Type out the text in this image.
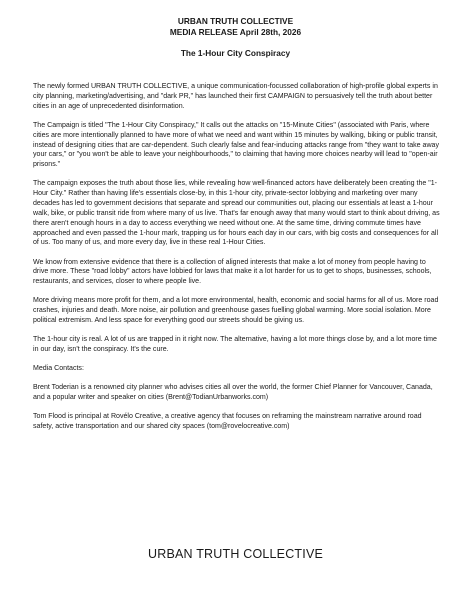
URBAN TRUTH COLLECTIVE
MEDIA RELEASE April 28th, 2026
The 1-Hour City Conspiracy

The newly formed URBAN TRUTH COLLECTIVE, a unique communication-focussed collaboration of high-profile global experts in city planning, marketing/advertising, and "dark PR," has launched their first CAMPAIGN to persuasively tell the truth about better cities in an age of unprecedented disinformation.

The Campaign is titled "The 1-Hour City Conspiracy," It calls out the attacks on "15-Minute Cities" (associated with Paris, where cities are more intentionally planned to have more of what we need and want within 15 minutes by walking, biking or public transit, instead of designing cities that are car-dependent. Such clearly false and fear-inducing attacks range from "they want to take away your cars," or "you won't be able to leave your neighbourhoods," to claiming that having more choices nearby will lead to "open-air prisons."

The campaign exposes the truth about those lies, while revealing how well-financed actors have deliberately been creating the "1-Hour City." Rather than having life's essentials close-by, in this 1-hour city, private-sector lobbying and marketing over many decades has led to government decisions that separate and spread our communities out, placing our essentials at least a 1-hour walk, bike, or public transit ride from where many of us live. That's far enough away that many would start to think about driving, as there aren't enough hours in a day to access everything we need without one. At the same time, driving commute times have approached and even passed the 1-hour mark, trapping us for hours each day in our cars, with big costs and consequences for all of us. Too many of us, and more every day, live in these real 1-Hour Cities.

We know from extensive evidence that there is a collection of aligned interests that make a lot of money from people having to drive more. These "road lobby" actors have lobbied for laws that make it a lot harder for us to get to shops, businesses, schools, restaurants, and services, closer to where people live.

More driving means more profit for them, and a lot more environmental, health, economic and social harms for all of us. More road crashes, injuries and death. More noise, air pollution and greenhouse gases fuelling global warming. More social isolation. More political extremism. And less space for everything good our streets should be giving us.

The 1-hour city is real. A lot of us are trapped in it right now. The alternative, having a lot more things close by, and a lot more time in our day, isn't the conspiracy. It's the cure.

Media Contacts:

Brent Toderian is a renowned city planner who advises cities all over the world, the former Chief Planner for Vancouver, Canada, and a popular writer and speaker on cities (Brent@TodianUrbanworks.com)

Tom Flood is principal at Rovélo Creative, a creative agency that focuses on reframing the mainstream narrative around road safety, active transportation and our shared city spaces (tom@rovelocreative.com)

URBAN TRUTH COLLECTIVE
